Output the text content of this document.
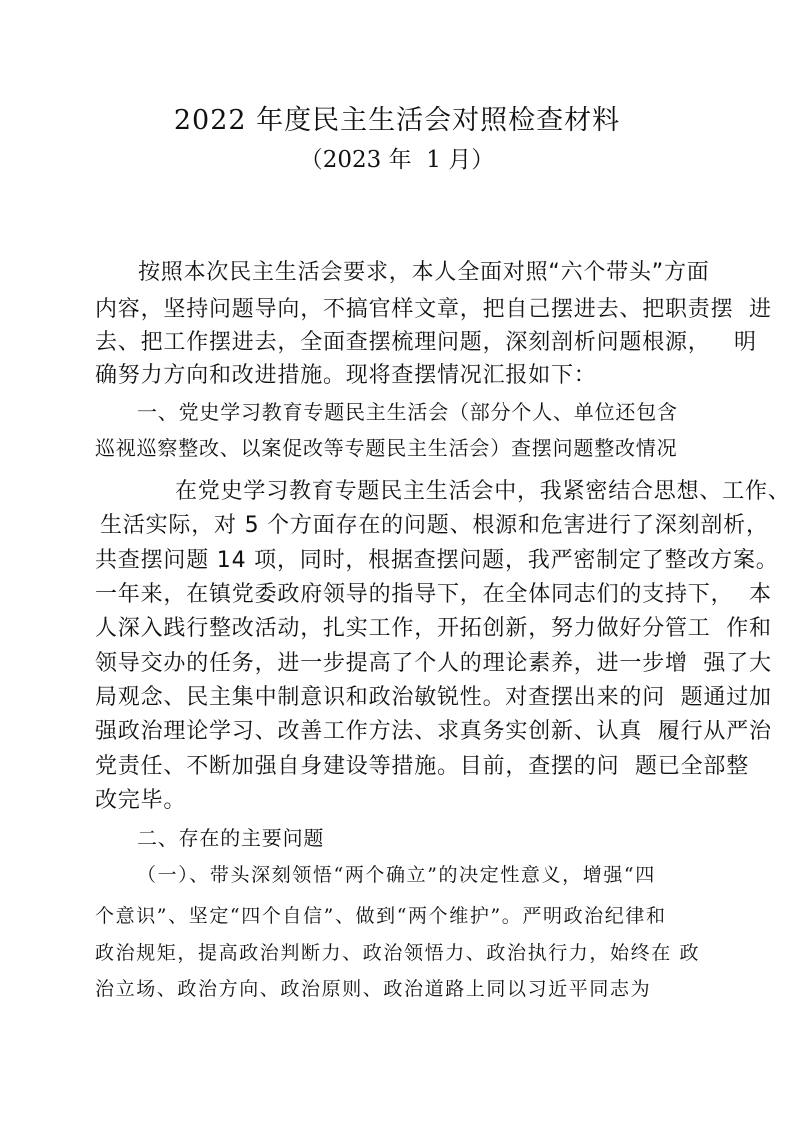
2022 年度民主生活会对照检查材料
（2023 年  1 月）
按照本次民主生活会要求，本人全面对照“六个带头”方面
内容，坚持问题导向，不搞官样文章，把自己摆进去、把职责摆  进
去、把工作摆进去，全面查摆梳理问题，深刻剖析问题根源，   明
确努力方向和改进措施。现将查摆情况汇报如下：
一、党史学习教育专题民主生活会（部分个人、单位还包含
巡视巡察整改、以案促改等专题民主生活会）查摆问题整改情况
在党史学习教育专题民主生活会中，我紧密结合思想、工作、
生活实际，对 5 个方面存在的问题、根源和危害进行了深刻剖析，
共查摆问题 14 项，同时，根据查摆问题，我严密制定了整改方案。
一年来，在镇党委政府领导的指导下，在全体同志们的支持下，  本
人深入践行整改活动，扎实工作，开拓创新，努力做好分管工  作和
领导交办的任务，进一步提高了个人的理论素养，进一步增  强了大
局观念、民主集中制意识和政治敏锐性。对查摆出来的问  题通过加
强政治理论学习、改善工作方法、求真务实创新、认真  履行从严治
党责任、不断加强自身建设等措施。目前，查摆的问  题已全部整
改完毕。
二、存在的主要问题
（一）、带头深刻领悟“两个确立”的决定性意义，增强“四
个意识”、坚定“四个自信”、做到“两个维护”。严明政治纪律和
政治规矩，提高政治判断力、政治领悟力、政治执行力，始终在 政
治立场、政治方向、政治原则、政治道路上同以习近平同志为
